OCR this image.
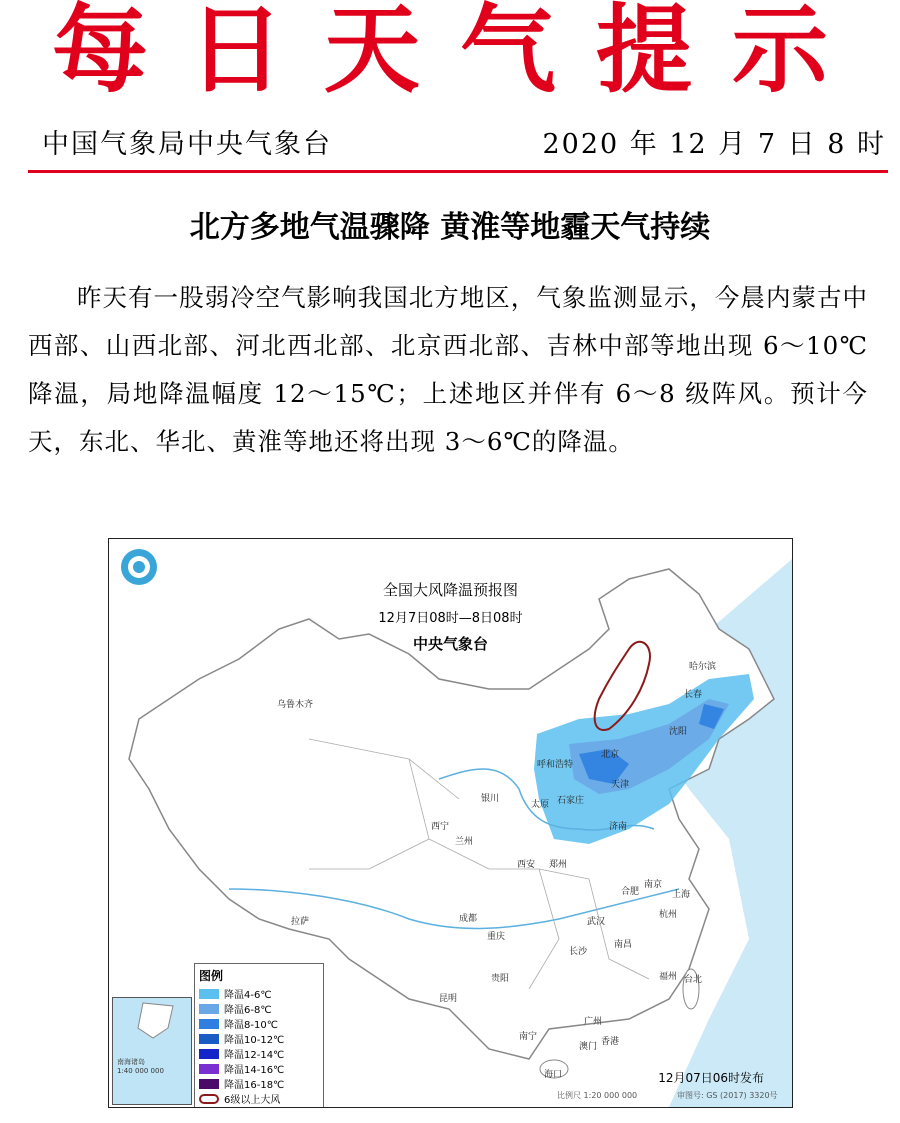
每日天气提示
中国气象局中央气象台	2020 年 12 月 7 日 8 时
北方多地气温骤降 黄淮等地霾天气持续
昨天有一股弱冷空气影响我国北方地区，气象监测显示，今晨内蒙古中西部、山西北部、河北西北部、北京西北部、吉林中部等地出现 6～10℃降温，局地降温幅度 12～15℃；上述地区并伴有 6～8 级阵风。预计今天，东北、华北、黄淮等地还将出现 3～6℃的降温。
全国大风降温预报图
12月7日08时—8日08时
中央气象台
哈尔滨
长春
乌鲁木齐
沈阳
呼和浩特
北京
天津
银川
太原 石家庄
西宁
兰州
济南
郑州
西安
合肥
南京
上海
拉萨	成都	武汉
杭州
重庆
长沙
南昌
贵阳	福州
昆明
台北
南宁
广州
香港
澳门
海口
南海诸岛
1:40 000 000
图例
降温4-6℃
降温6-8℃
降温8-10℃
降温10-12℃
降温12-14℃
降温14-16℃
降温16-18℃
6级以上大风
12月07日06时发布
比例尺 1:20 000 000	审图号: GS (2017) 3320号
